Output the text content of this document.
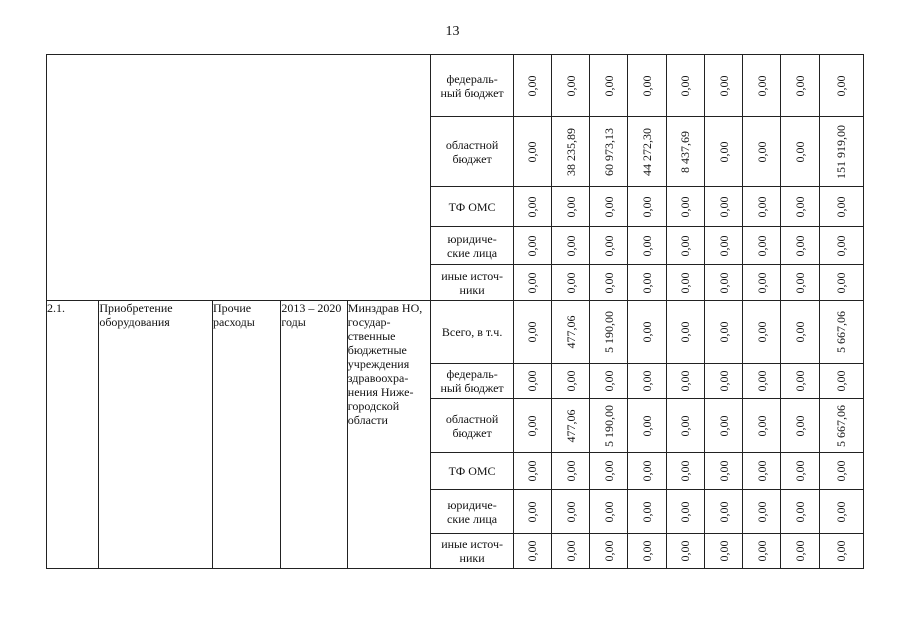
13
					федераль-
ный бюджет	0,00	0,00	0,00	0,00	0,00	0,00	0,00	0,00	0,00

					областной
бюджет	0,00	38 235,89	60 973,13	44 272,30	8 437,69	0,00	0,00	0,00	151 919,00

					ТФ ОМС	0,00	0,00	0,00	0,00	0,00	0,00	0,00	0,00	0,00

					юридиче-
ские лица	0,00	0,00	0,00	0,00	0,00	0,00	0,00	0,00	0,00

					иные источ-
ники	0,00	0,00	0,00	0,00	0,00	0,00	0,00	0,00	0,00

2.1.	Приобретение оборудования	Прочие расходы	2013 – 2020 годы	Минздрав НО, государ-ственные бюджетные учреждения здравоохра-нения Ниже-городской области	Всего, в т.ч.	0,00	477,06	5 190,00	0,00	0,00	0,00	0,00	0,00	5 667,06

					федераль-
ный бюджет	0,00	0,00	0,00	0,00	0,00	0,00	0,00	0,00	0,00

					областной
бюджет	0,00	477,06	5 190,00	0,00	0,00	0,00	0,00	0,00	5 667,06

					ТФ ОМС	0,00	0,00	0,00	0,00	0,00	0,00	0,00	0,00	0,00

					юридиче-
ские лица	0,00	0,00	0,00	0,00	0,00	0,00	0,00	0,00	0,00

					иные источ-
ники	0,00	0,00	0,00	0,00	0,00	0,00	0,00	0,00	0,00
